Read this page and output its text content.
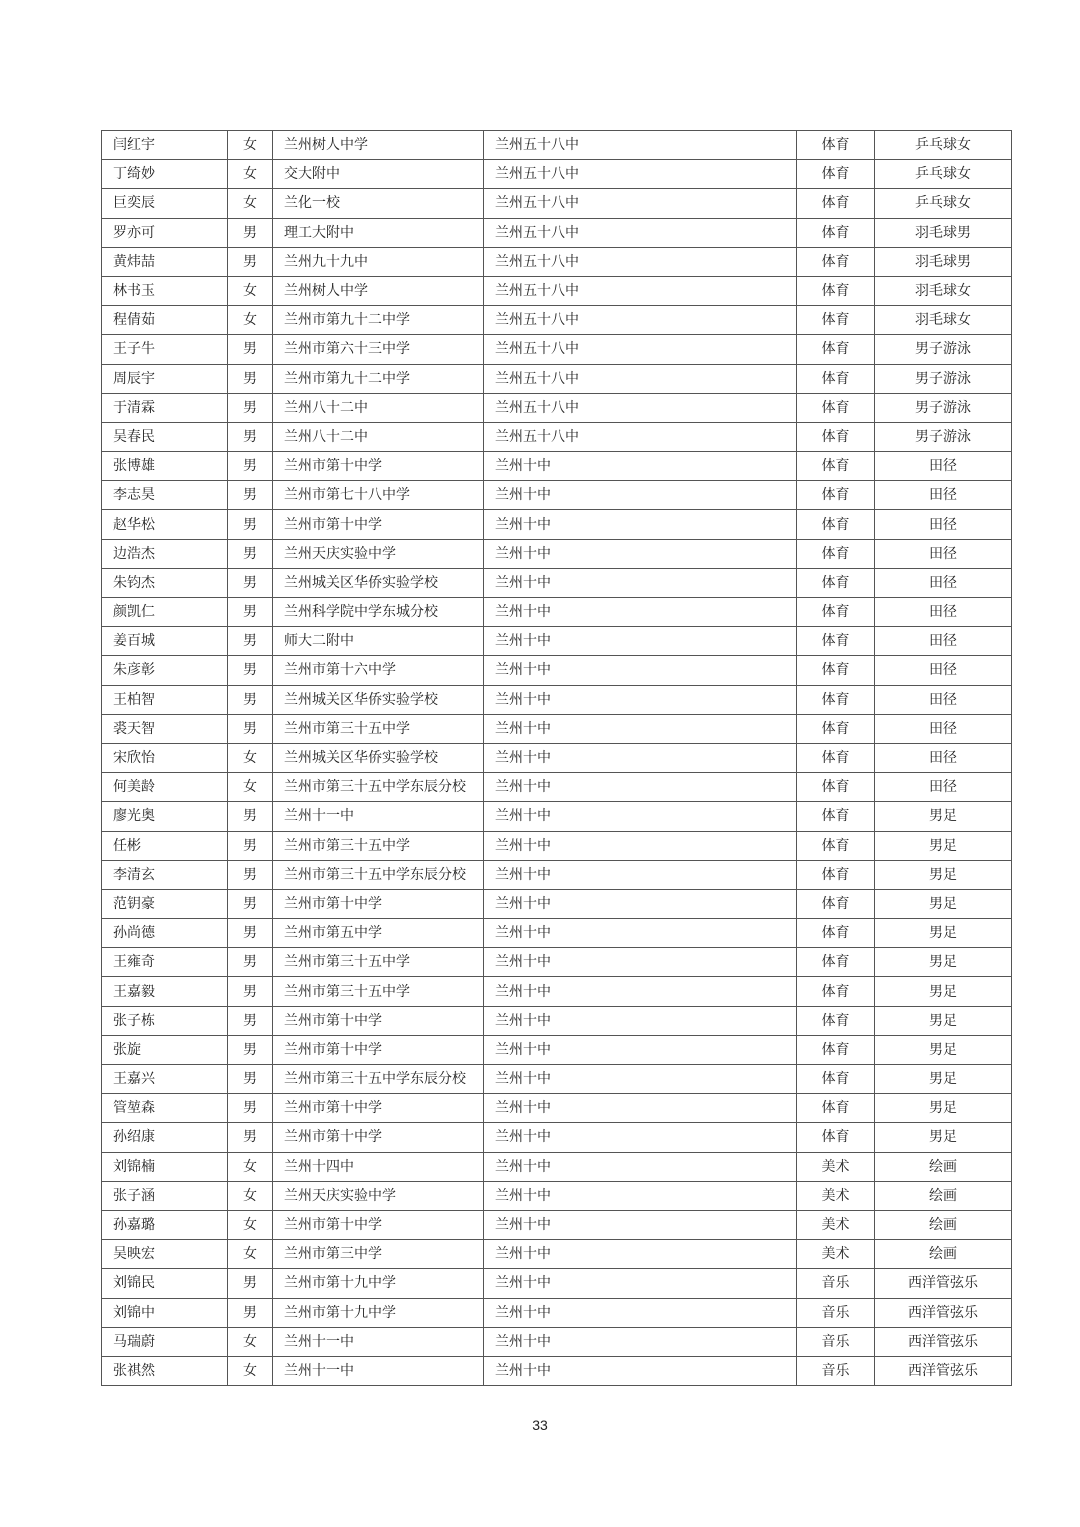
闫红宇	女	兰州树人中学	兰州五十八中	体育	乒乓球女
丁绮妙	女	交大附中	兰州五十八中	体育	乒乓球女
巨奕辰	女	兰化一校	兰州五十八中	体育	乒乓球女
罗亦可	男	理工大附中	兰州五十八中	体育	羽毛球男
黄炜喆	男	兰州九十九中	兰州五十八中	体育	羽毛球男
林书玉	女	兰州树人中学	兰州五十八中	体育	羽毛球女
程倩茹	女	兰州市第九十二中学	兰州五十八中	体育	羽毛球女
王子牛	男	兰州市第六十三中学	兰州五十八中	体育	男子游泳
周辰宇	男	兰州市第九十二中学	兰州五十八中	体育	男子游泳
于清霖	男	兰州八十二中	兰州五十八中	体育	男子游泳
吴春民	男	兰州八十二中	兰州五十八中	体育	男子游泳
张博雄	男	兰州市第十中学	兰州十中	体育	田径
李志昊	男	兰州市第七十八中学	兰州十中	体育	田径
赵华松	男	兰州市第十中学	兰州十中	体育	田径
边浩杰	男	兰州天庆实验中学	兰州十中	体育	田径
朱钧杰	男	兰州城关区华侨实验学校	兰州十中	体育	田径
颜凯仁	男	兰州科学院中学东城分校	兰州十中	体育	田径
姜百城	男	师大二附中	兰州十中	体育	田径
朱彦彰	男	兰州市第十六中学	兰州十中	体育	田径
王柏智	男	兰州城关区华侨实验学校	兰州十中	体育	田径
裘天智	男	兰州市第三十五中学	兰州十中	体育	田径
宋欣怡	女	兰州城关区华侨实验学校	兰州十中	体育	田径
何美龄	女	兰州市第三十五中学东辰分校	兰州十中	体育	田径
廖光奥	男	兰州十一中	兰州十中	体育	男足
任彬	男	兰州市第三十五中学	兰州十中	体育	男足
李清玄	男	兰州市第三十五中学东辰分校	兰州十中	体育	男足
范钥豪	男	兰州市第十中学	兰州十中	体育	男足
孙尚德	男	兰州市第五中学	兰州十中	体育	男足
王雍奇	男	兰州市第三十五中学	兰州十中	体育	男足
王嘉毅	男	兰州市第三十五中学	兰州十中	体育	男足
张子栋	男	兰州市第十中学	兰州十中	体育	男足
张旋	男	兰州市第十中学	兰州十中	体育	男足
王嘉兴	男	兰州市第三十五中学东辰分校	兰州十中	体育	男足
管堃森	男	兰州市第十中学	兰州十中	体育	男足
孙绍康	男	兰州市第十中学	兰州十中	体育	男足
刘锦楠	女	兰州十四中	兰州十中	美术	绘画
张子涵	女	兰州天庆实验中学	兰州十中	美术	绘画
孙嘉璐	女	兰州市第十中学	兰州十中	美术	绘画
吴映宏	女	兰州市第三中学	兰州十中	美术	绘画
刘锦民	男	兰州市第十九中学	兰州十中	音乐	西洋管弦乐
刘锦中	男	兰州市第十九中学	兰州十中	音乐	西洋管弦乐
马瑞蔚	女	兰州十一中	兰州十中	音乐	西洋管弦乐
张祺然	女	兰州十一中	兰州十中	音乐	西洋管弦乐
33
